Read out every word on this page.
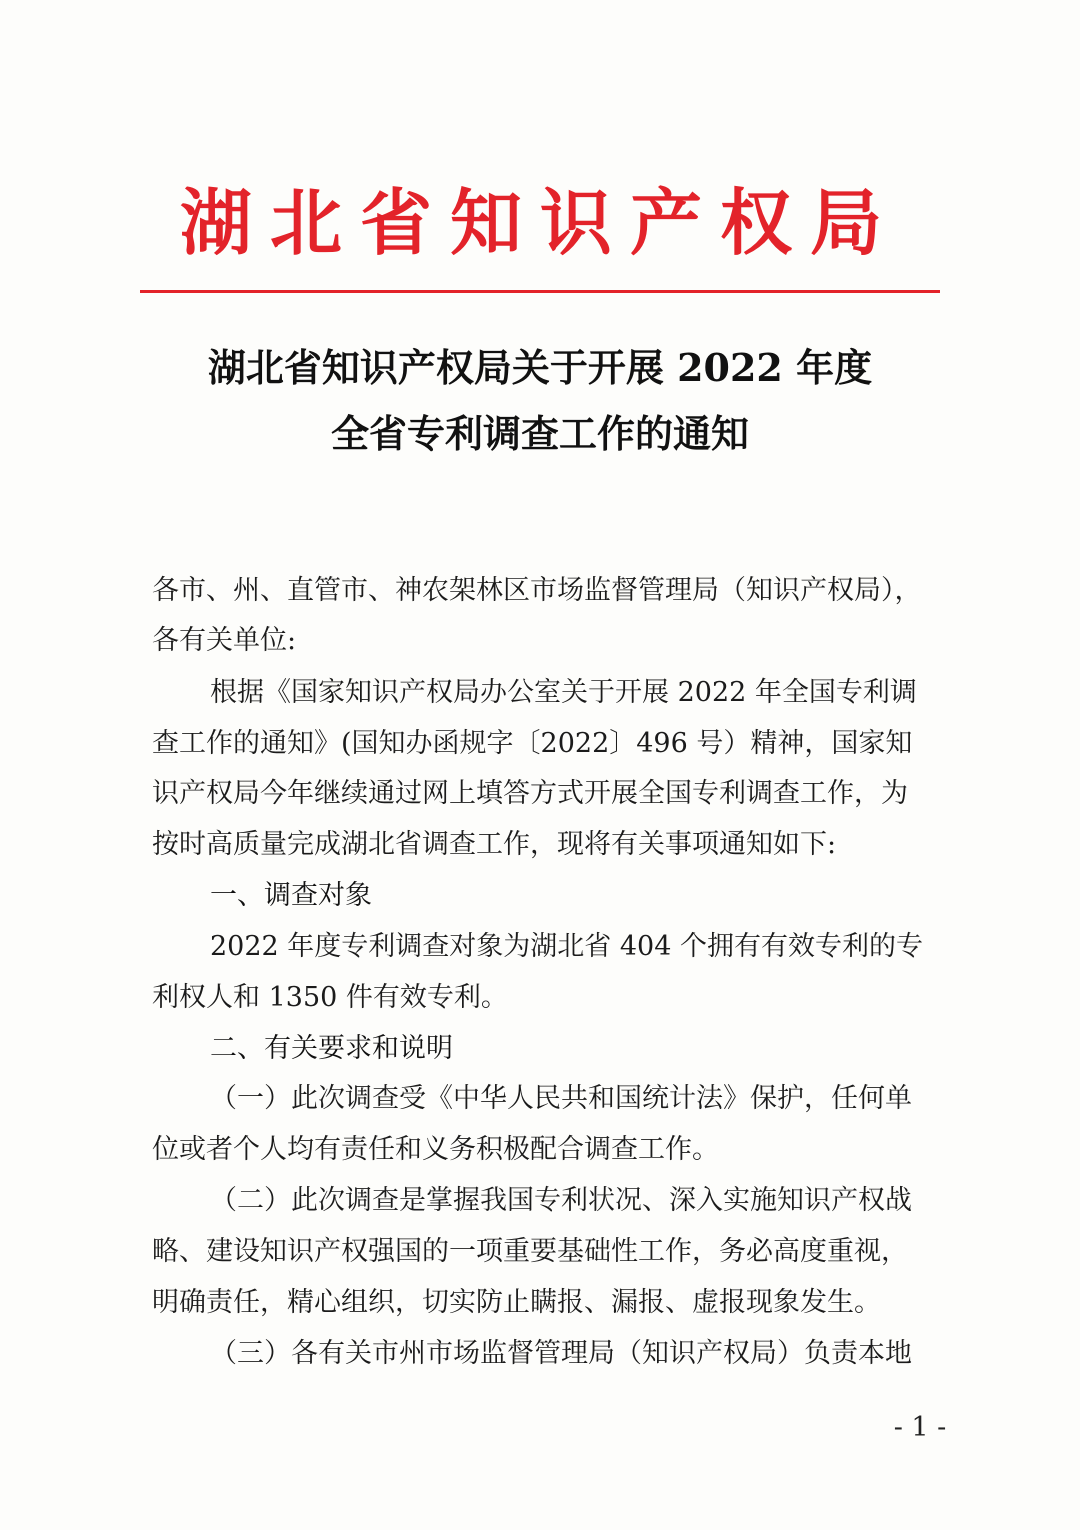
湖北省知识产权局
湖北省知识产权局关于开展 2022 年度
全省专利调查工作的通知
各市、州、直管市、神农架林区市场监督管理局（知识产权局），
各有关单位:
根据《国家知识产权局办公室关于开展 2022 年全国专利调
查工作的通知》(国知办函规字〔2022〕496 号）精神，国家知
识产权局今年继续通过网上填答方式开展全国专利调查工作，为
按时高质量完成湖北省调查工作，现将有关事项通知如下:
一、调查对象
2022 年度专利调查对象为湖北省 404 个拥有有效专利的专
利权人和 1350 件有效专利。
二、有关要求和说明
（一）此次调查受《中华人民共和国统计法》保护，任何单
位或者个人均有责任和义务积极配合调查工作。
（二）此次调查是掌握我国专利状况、深入实施知识产权战
略、建设知识产权强国的一项重要基础性工作，务必高度重视，
明确责任，精心组织，切实防止瞒报、漏报、虚报现象发生。
（三）各有关市州市场监督管理局（知识产权局）负责本地
- 1 -
